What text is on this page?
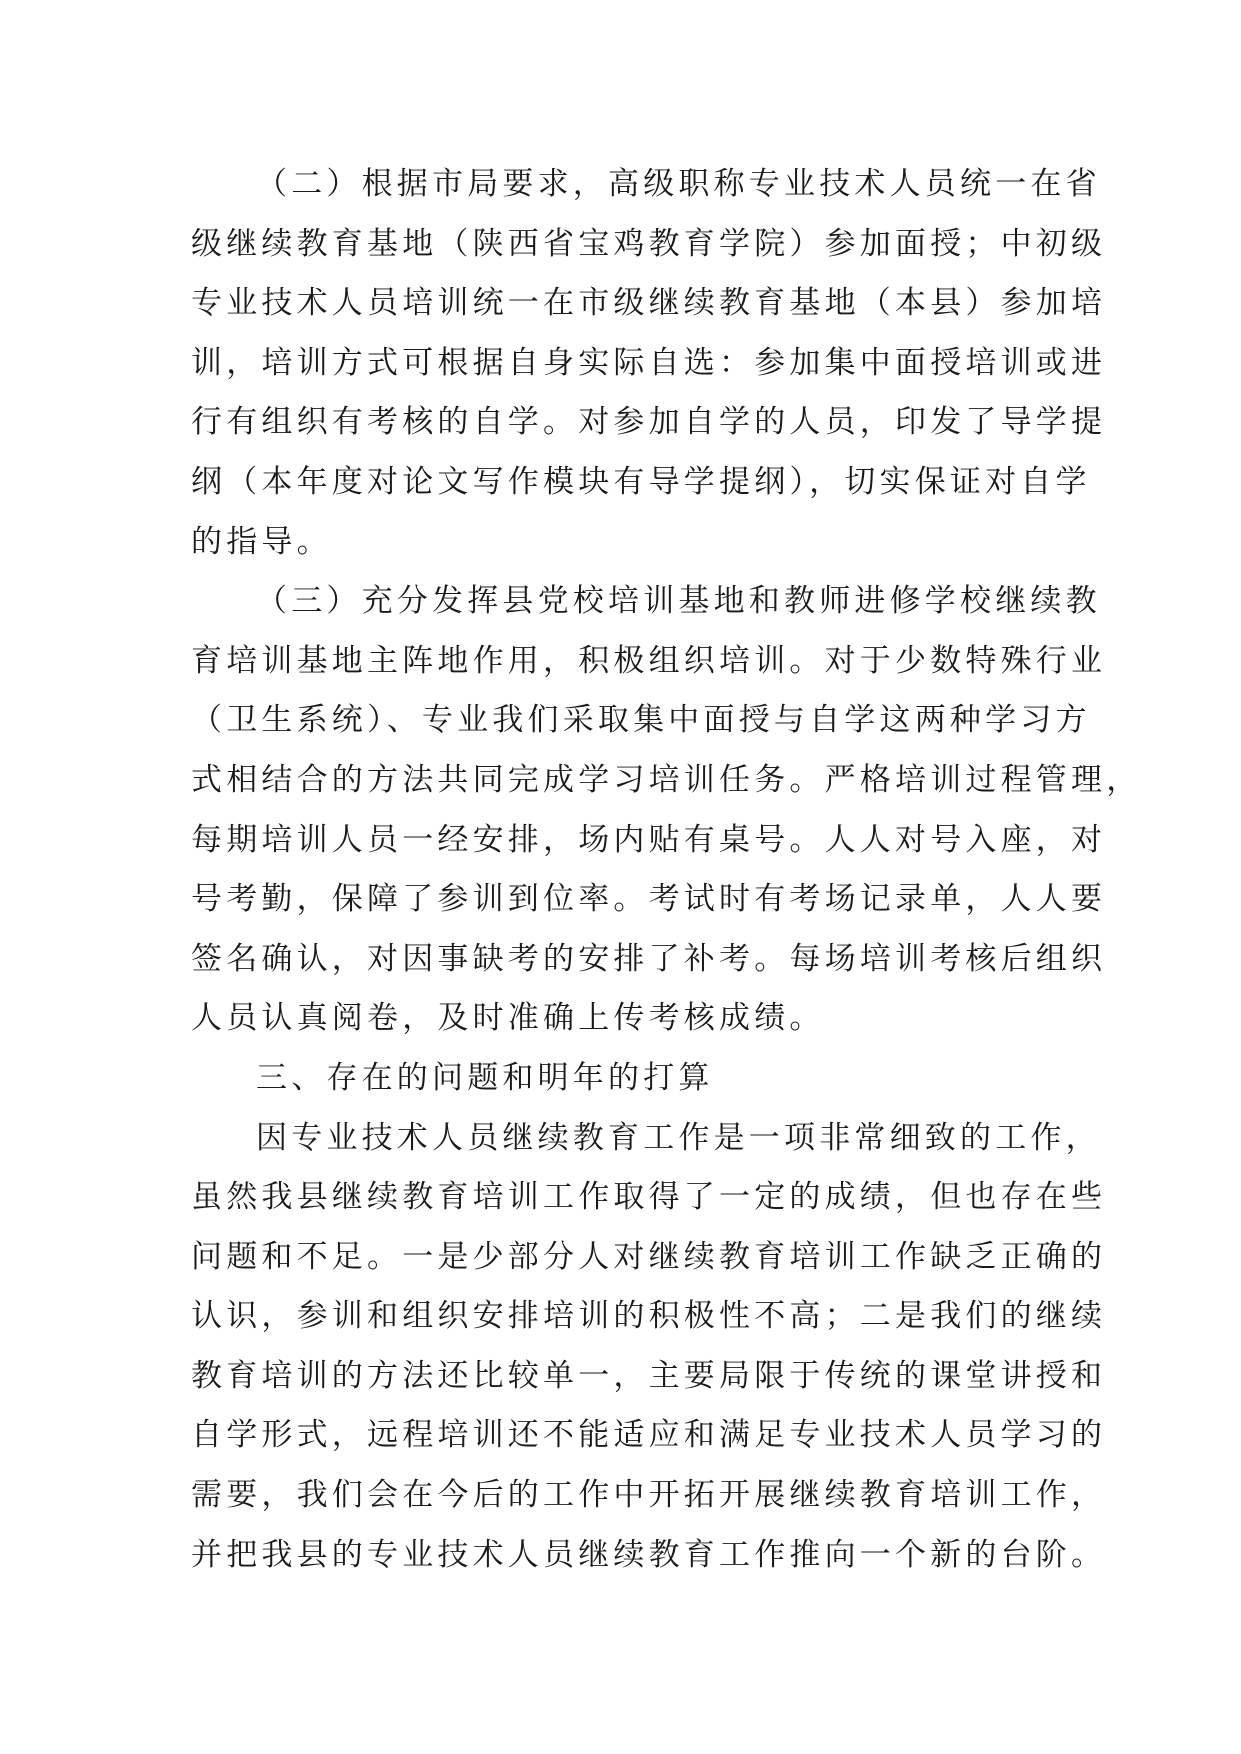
（二）根据市局要求，高级职称专业技术人员统一在省
级继续教育基地（陕西省宝鸡教育学院）参加面授；中初级
专业技术人员培训统一在市级继续教育基地（本县）参加培
训，培训方式可根据自身实际自选：参加集中面授培训或进
行有组织有考核的自学。对参加自学的人员，印发了导学提
纲（本年度对论文写作模块有导学提纲），切实保证对自学
的指导。
（三）充分发挥县党校培训基地和教师进修学校继续教
育培训基地主阵地作用，积极组织培训。对于少数特殊行业
（卫生系统）、专业我们采取集中面授与自学这两种学习方
式相结合的方法共同完成学习培训任务。严格培训过程管理，
每期培训人员一经安排，场内贴有桌号。人人对号入座，对
号考勤，保障了参训到位率。考试时有考场记录单，人人要
签名确认，对因事缺考的安排了补考。每场培训考核后组织
人员认真阅卷，及时准确上传考核成绩。
三、存在的问题和明年的打算
因专业技术人员继续教育工作是一项非常细致的工作，
虽然我县继续教育培训工作取得了一定的成绩，但也存在些
问题和不足。一是少部分人对继续教育培训工作缺乏正确的
认识，参训和组织安排培训的积极性不高；二是我们的继续
教育培训的方法还比较单一，主要局限于传统的课堂讲授和
自学形式，远程培训还不能适应和满足专业技术人员学习的
需要，我们会在今后的工作中开拓开展继续教育培训工作，
并把我县的专业技术人员继续教育工作推向一个新的台阶。
